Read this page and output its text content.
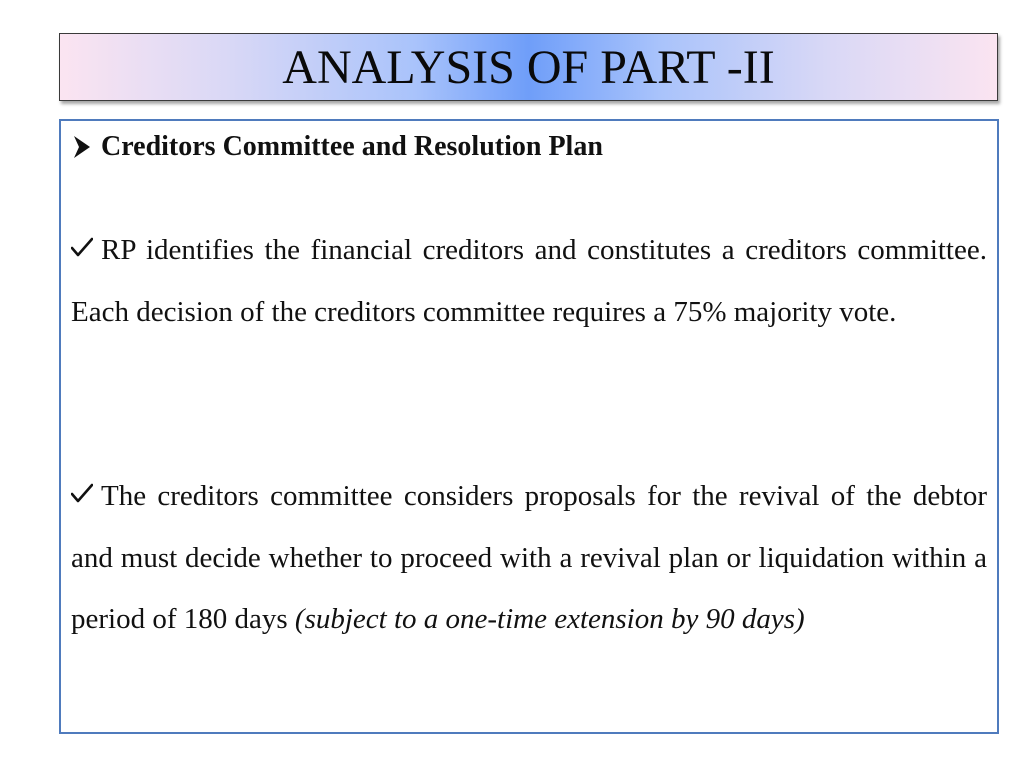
ANALYSIS OF PART -II
Creditors Committee and Resolution Plan
RP identifies the financial creditors and constitutes a creditors committee. Each decision of the creditors committee requires a 75% majority vote.
The creditors committee considers proposals for the revival of the debtor and must decide whether to proceed with a revival plan or liquidation within a period of 180 days (subject to a one-time extension by 90 days)
